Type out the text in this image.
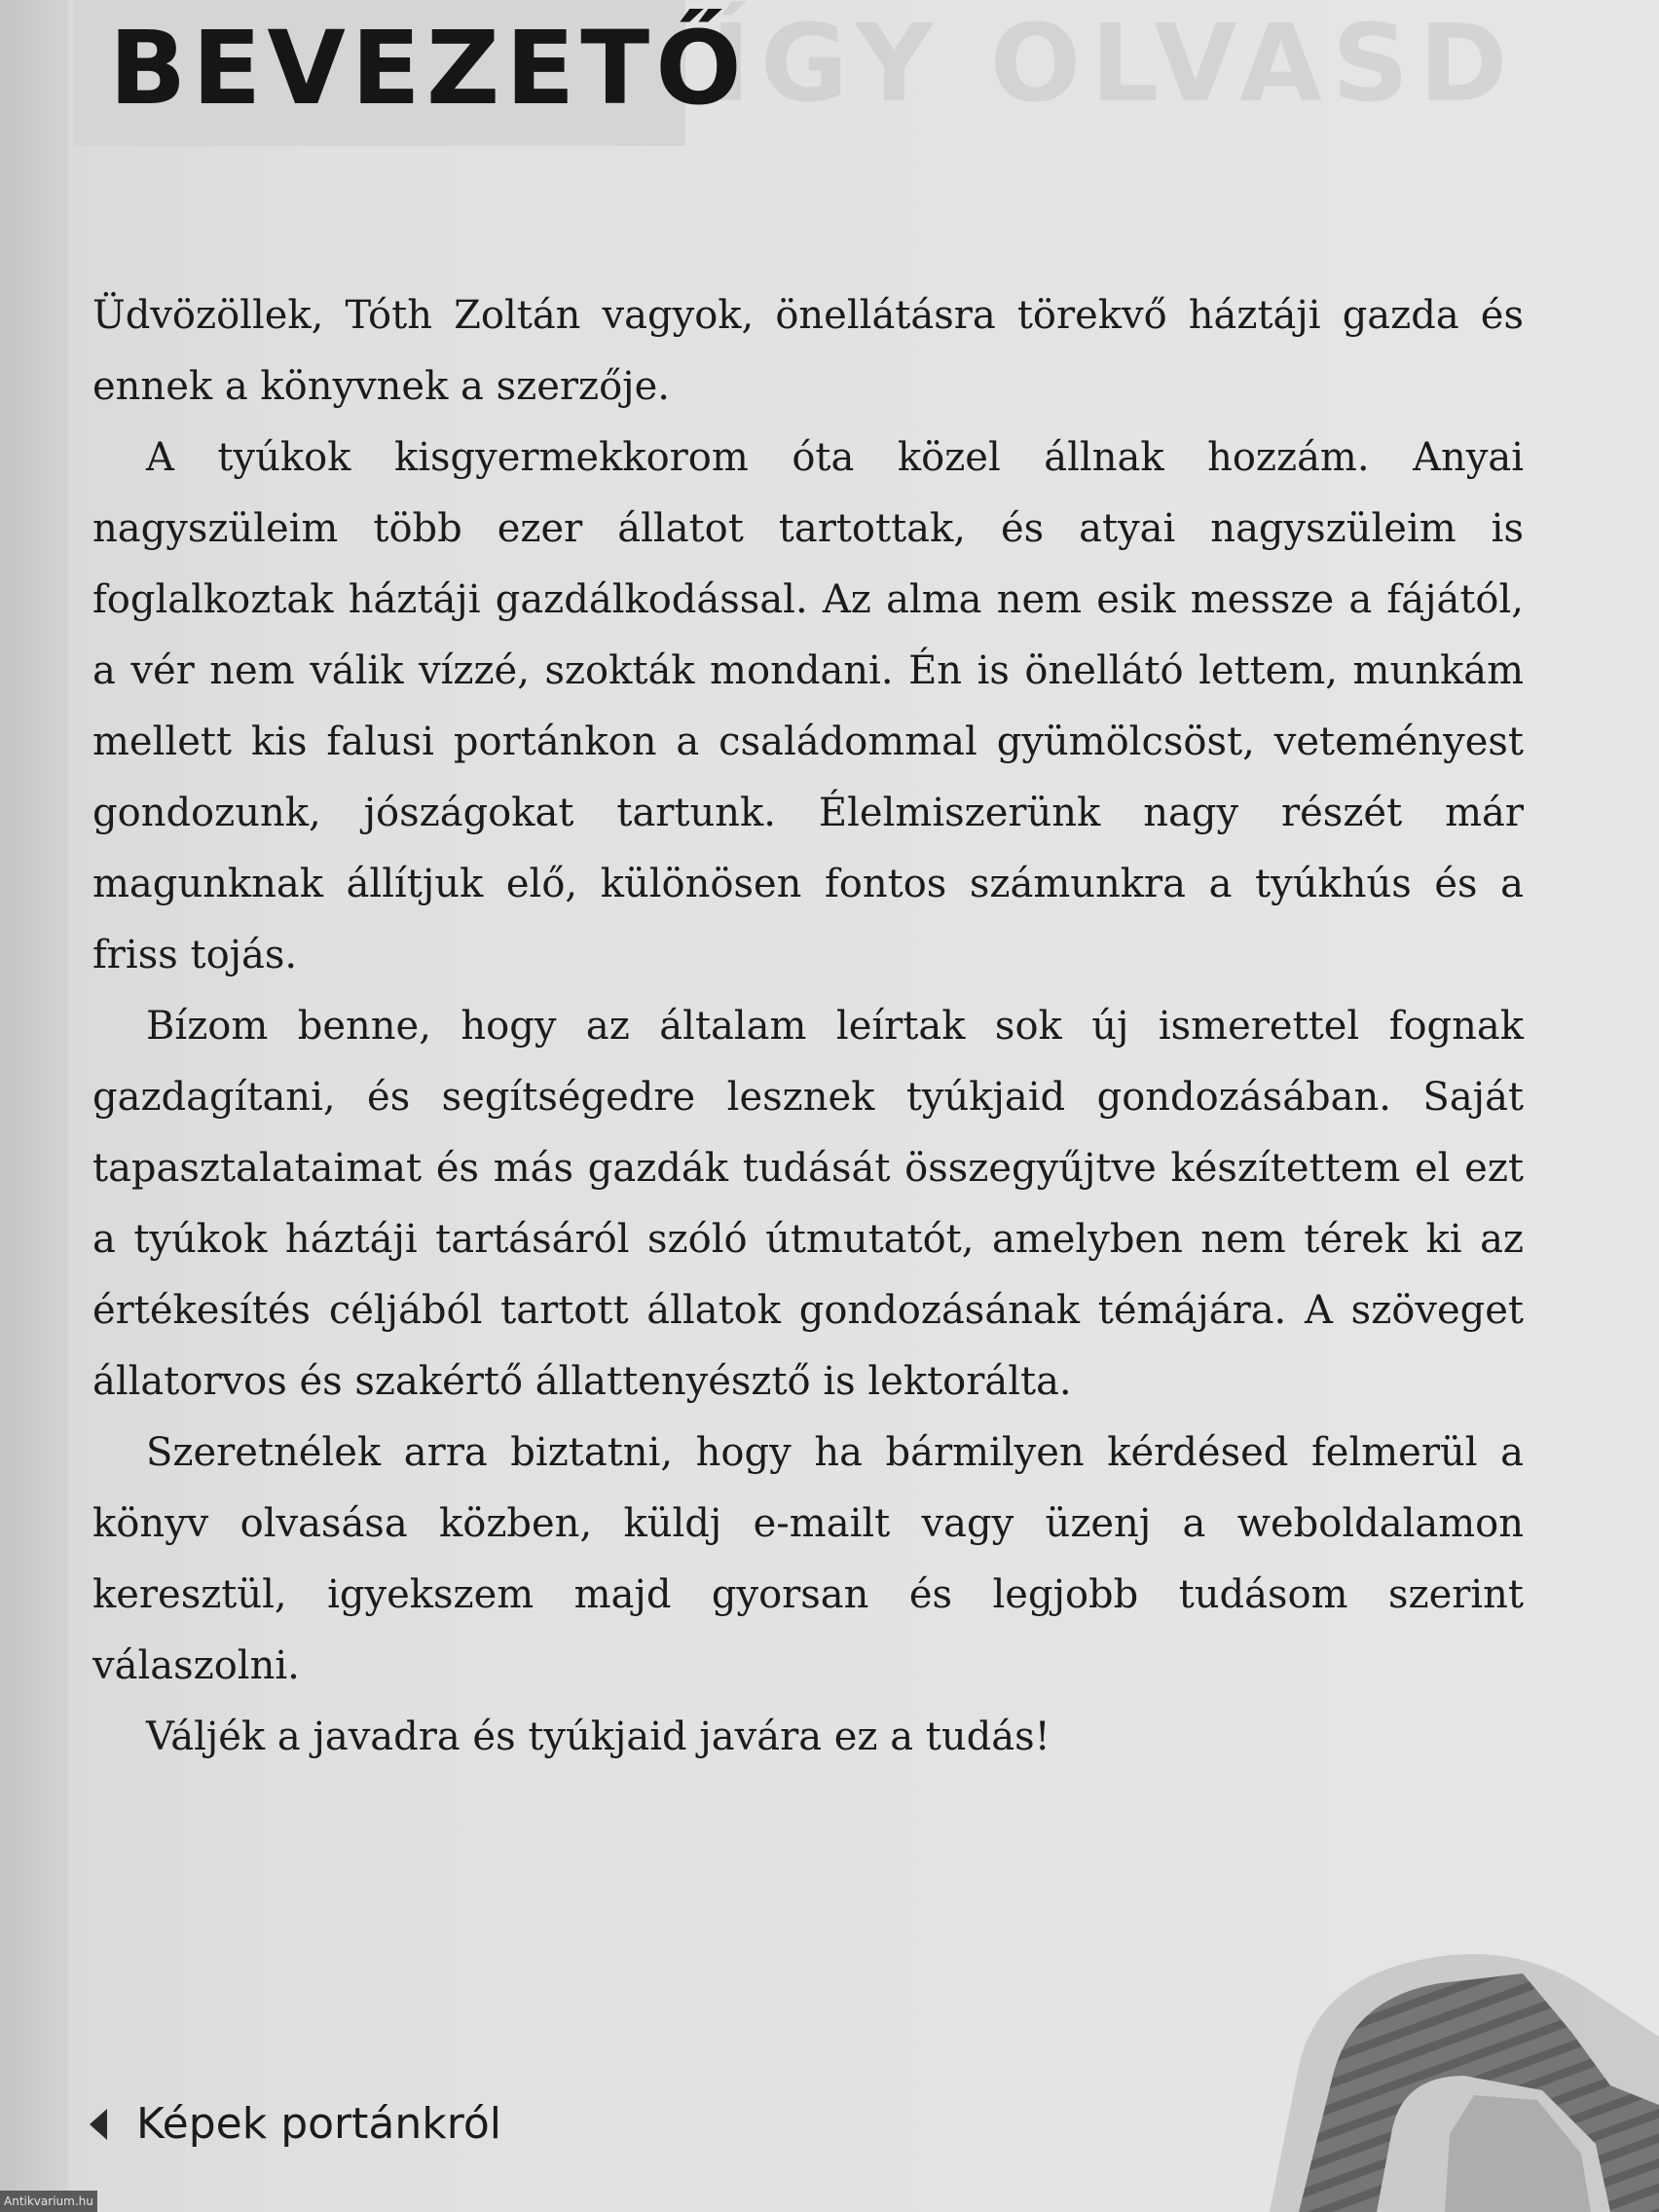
ÍGY OLVASD
BEVEZETŐ

Üdvözöllek, Tóth Zoltán vagyok, önellátásra törekvő háztáji gazda és ennek a könyvnek a szerzője.

A tyúkok kisgyermekkorom óta közel állnak hozzám. Anyai nagyszüleim több ezer állatot tartottak, és atyai nagyszüleim is foglalkoztak háztáji gazdálkodással. Az alma nem esik messze a fájától, a vér nem válik vízzé, szokták mondani. Én is önellátó lettem, munkám mellett kis falusi portánkon a családommal gyümölcsöst, veteményest gondozunk, jószágokat tartunk. Élelmiszerünk nagy részét már magunknak állítjuk elő, különösen fontos számunkra a tyúkhús és a friss tojás.

Bízom benne, hogy az általam leírtak sok új ismerettel fognak gazdagítani, és segítségedre lesznek tyúkjaid gondozásában. Saját tapasztalataimat és más gazdák tudását összegyűjtve készítettem el ezt a tyúkok háztáji tartásáról szóló útmutatót, amelyben nem térek ki az értékesítés céljából tartott állatok gondozásának témájára. A szöveget állatorvos és szakértő állattenyésztő is lektorálta.

Szeretnélek arra biztatni, hogy ha bármilyen kérdésed felmerül a könyv olvasása közben, küldj e-mailt vagy üzenj a weboldalamon keresztül, igyekszem majd gyorsan és legjobb tudásom szerint válaszolni.

Váljék a javadra és tyúkjaid javára ez a tudás!

Képek portánkról
Antikvarium.hu
